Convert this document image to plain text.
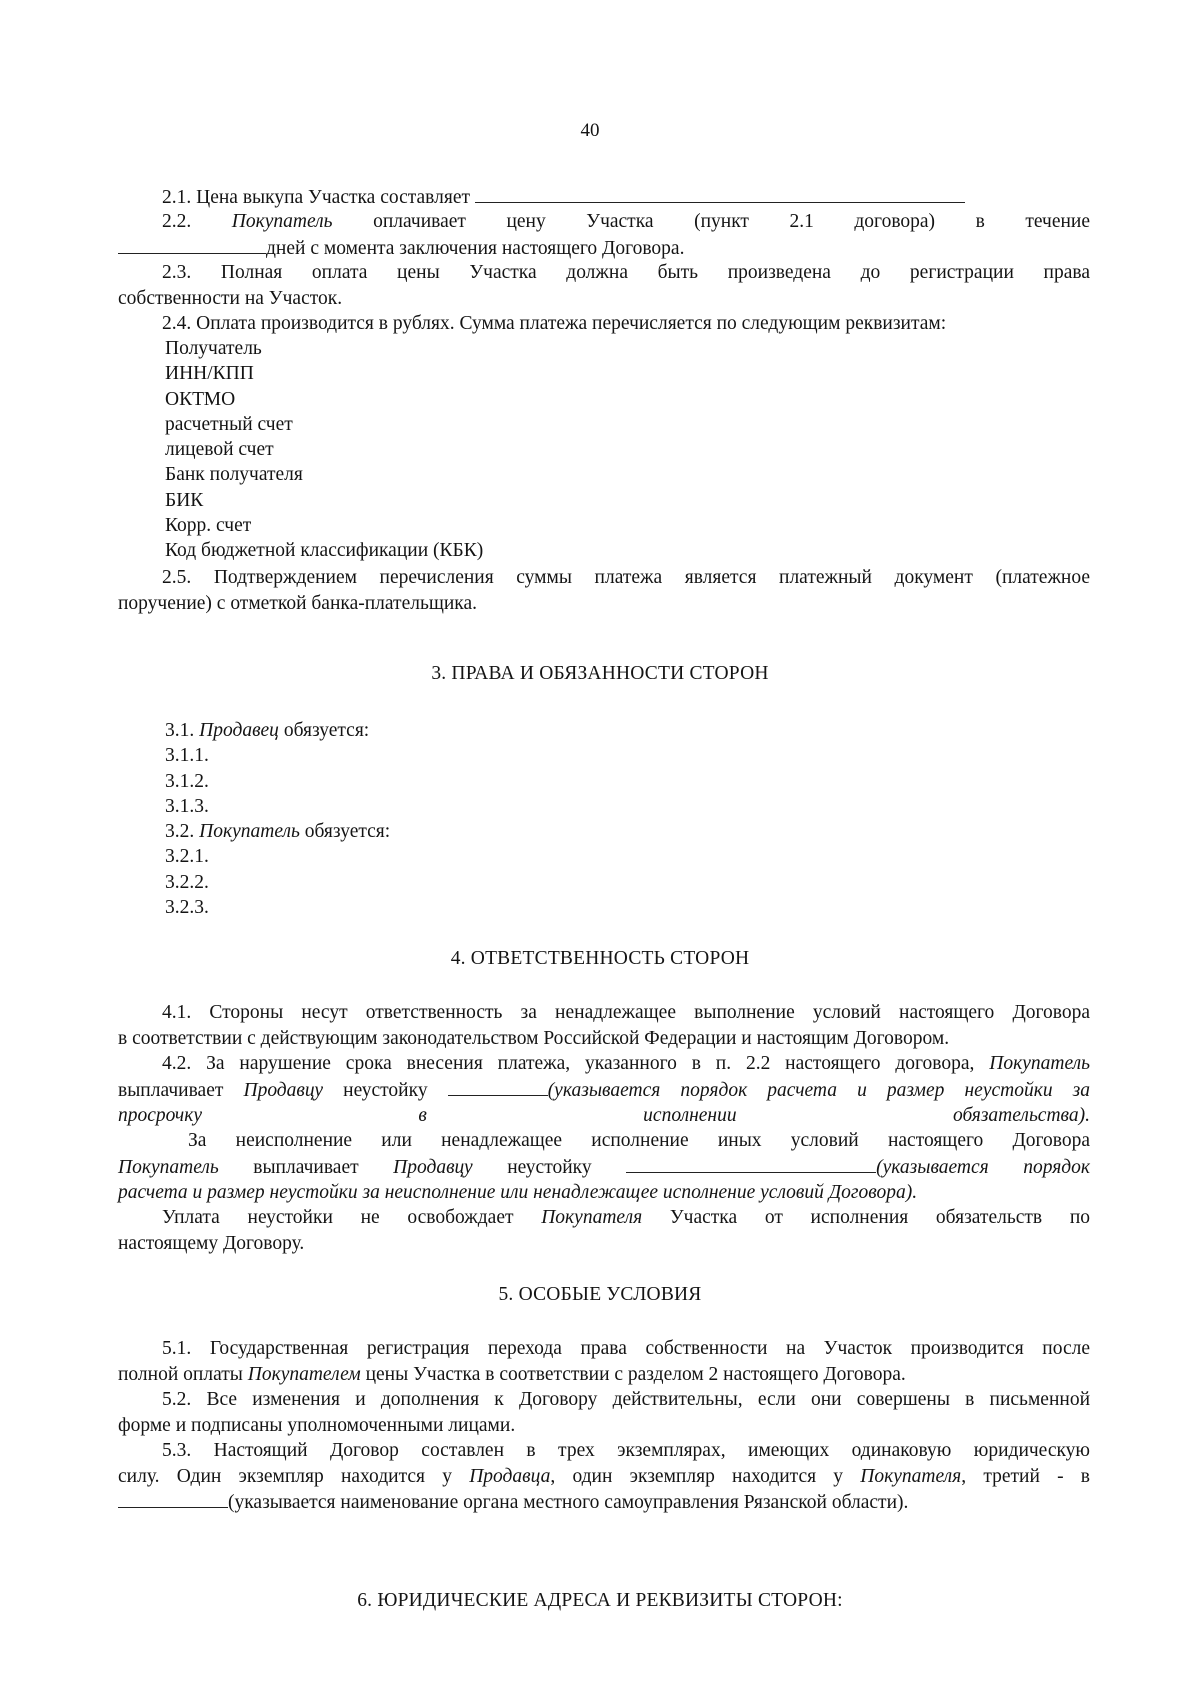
40

2.1. Цена выкупа Участка составляет

2.2. Покупатель оплачивает цену Участка (пункт 2.1 договора) в течение

дней с момента заключения настоящего Договора.

2.3. Полная оплата цены Участка должна быть произведена до регистрации права

собственности на Участок.

2.4. Оплата производится в рублях. Сумма платежа перечисляется по следующим реквизитам:

Получатель
ИНН/КПП
ОКТМО
расчетный счет
лицевой счет
Банк получателя
БИК
Корр. счет
Код бюджетной классификации (КБК)

2.5. Подтверждением перечисления суммы платежа является платежный документ (платежное

поручение) с отметкой банка-плательщика.

3. ПРАВА И ОБЯЗАННОСТИ СТОРОН
3.1. Продавец обязуется:
3.1.1.
3.1.2.
3.1.3.
3.2. Покупатель обязуется:
3.2.1.
3.2.2.
3.2.3.
4. ОТВЕТСТВЕННОСТЬ СТОРОН

4.1. Стороны несут ответственность за ненадлежащее выполнение условий настоящего Договора

в соответствии с действующим законодательством Российской Федерации и настоящим Договором.

4.2. За нарушение срока внесения платежа, указанного в п. 2.2 настоящего договора, Покупатель

выплачивает Продавцу неустойку	(указывается порядок расчета и размер неустойки за

просрочку в исполнении обязательства).

За неисполнение или ненадлежащее исполнение иных условий настоящего Договора

Покупатель выплачивает Продавцу неустойку	(указывается порядок

расчета и размер неустойки за неисполнение или ненадлежащее исполнение условий Договора).

Уплата неустойки не освобождает Покупателя Участка от исполнения обязательств по

настоящему Договору.

5. ОСОБЫЕ УСЛОВИЯ

5.1. Государственная регистрация перехода права собственности на Участок производится после

полной оплаты Покупателем цены Участка в соответствии с разделом 2 настоящего Договора.

5.2. Все изменения и дополнения к Договору действительны, если они совершены в письменной

форме и подписаны уполномоченными лицами.

5.3. Настоящий Договор составлен в трех экземплярах, имеющих одинаковую юридическую

силу. Один экземпляр находится у Продавца, один экземпляр находится у Покупателя, третий - в

(указывается наименование органа местного самоуправления Рязанской области).

6. ЮРИДИЧЕСКИЕ АДРЕСА И РЕКВИЗИТЫ СТОРОН:
